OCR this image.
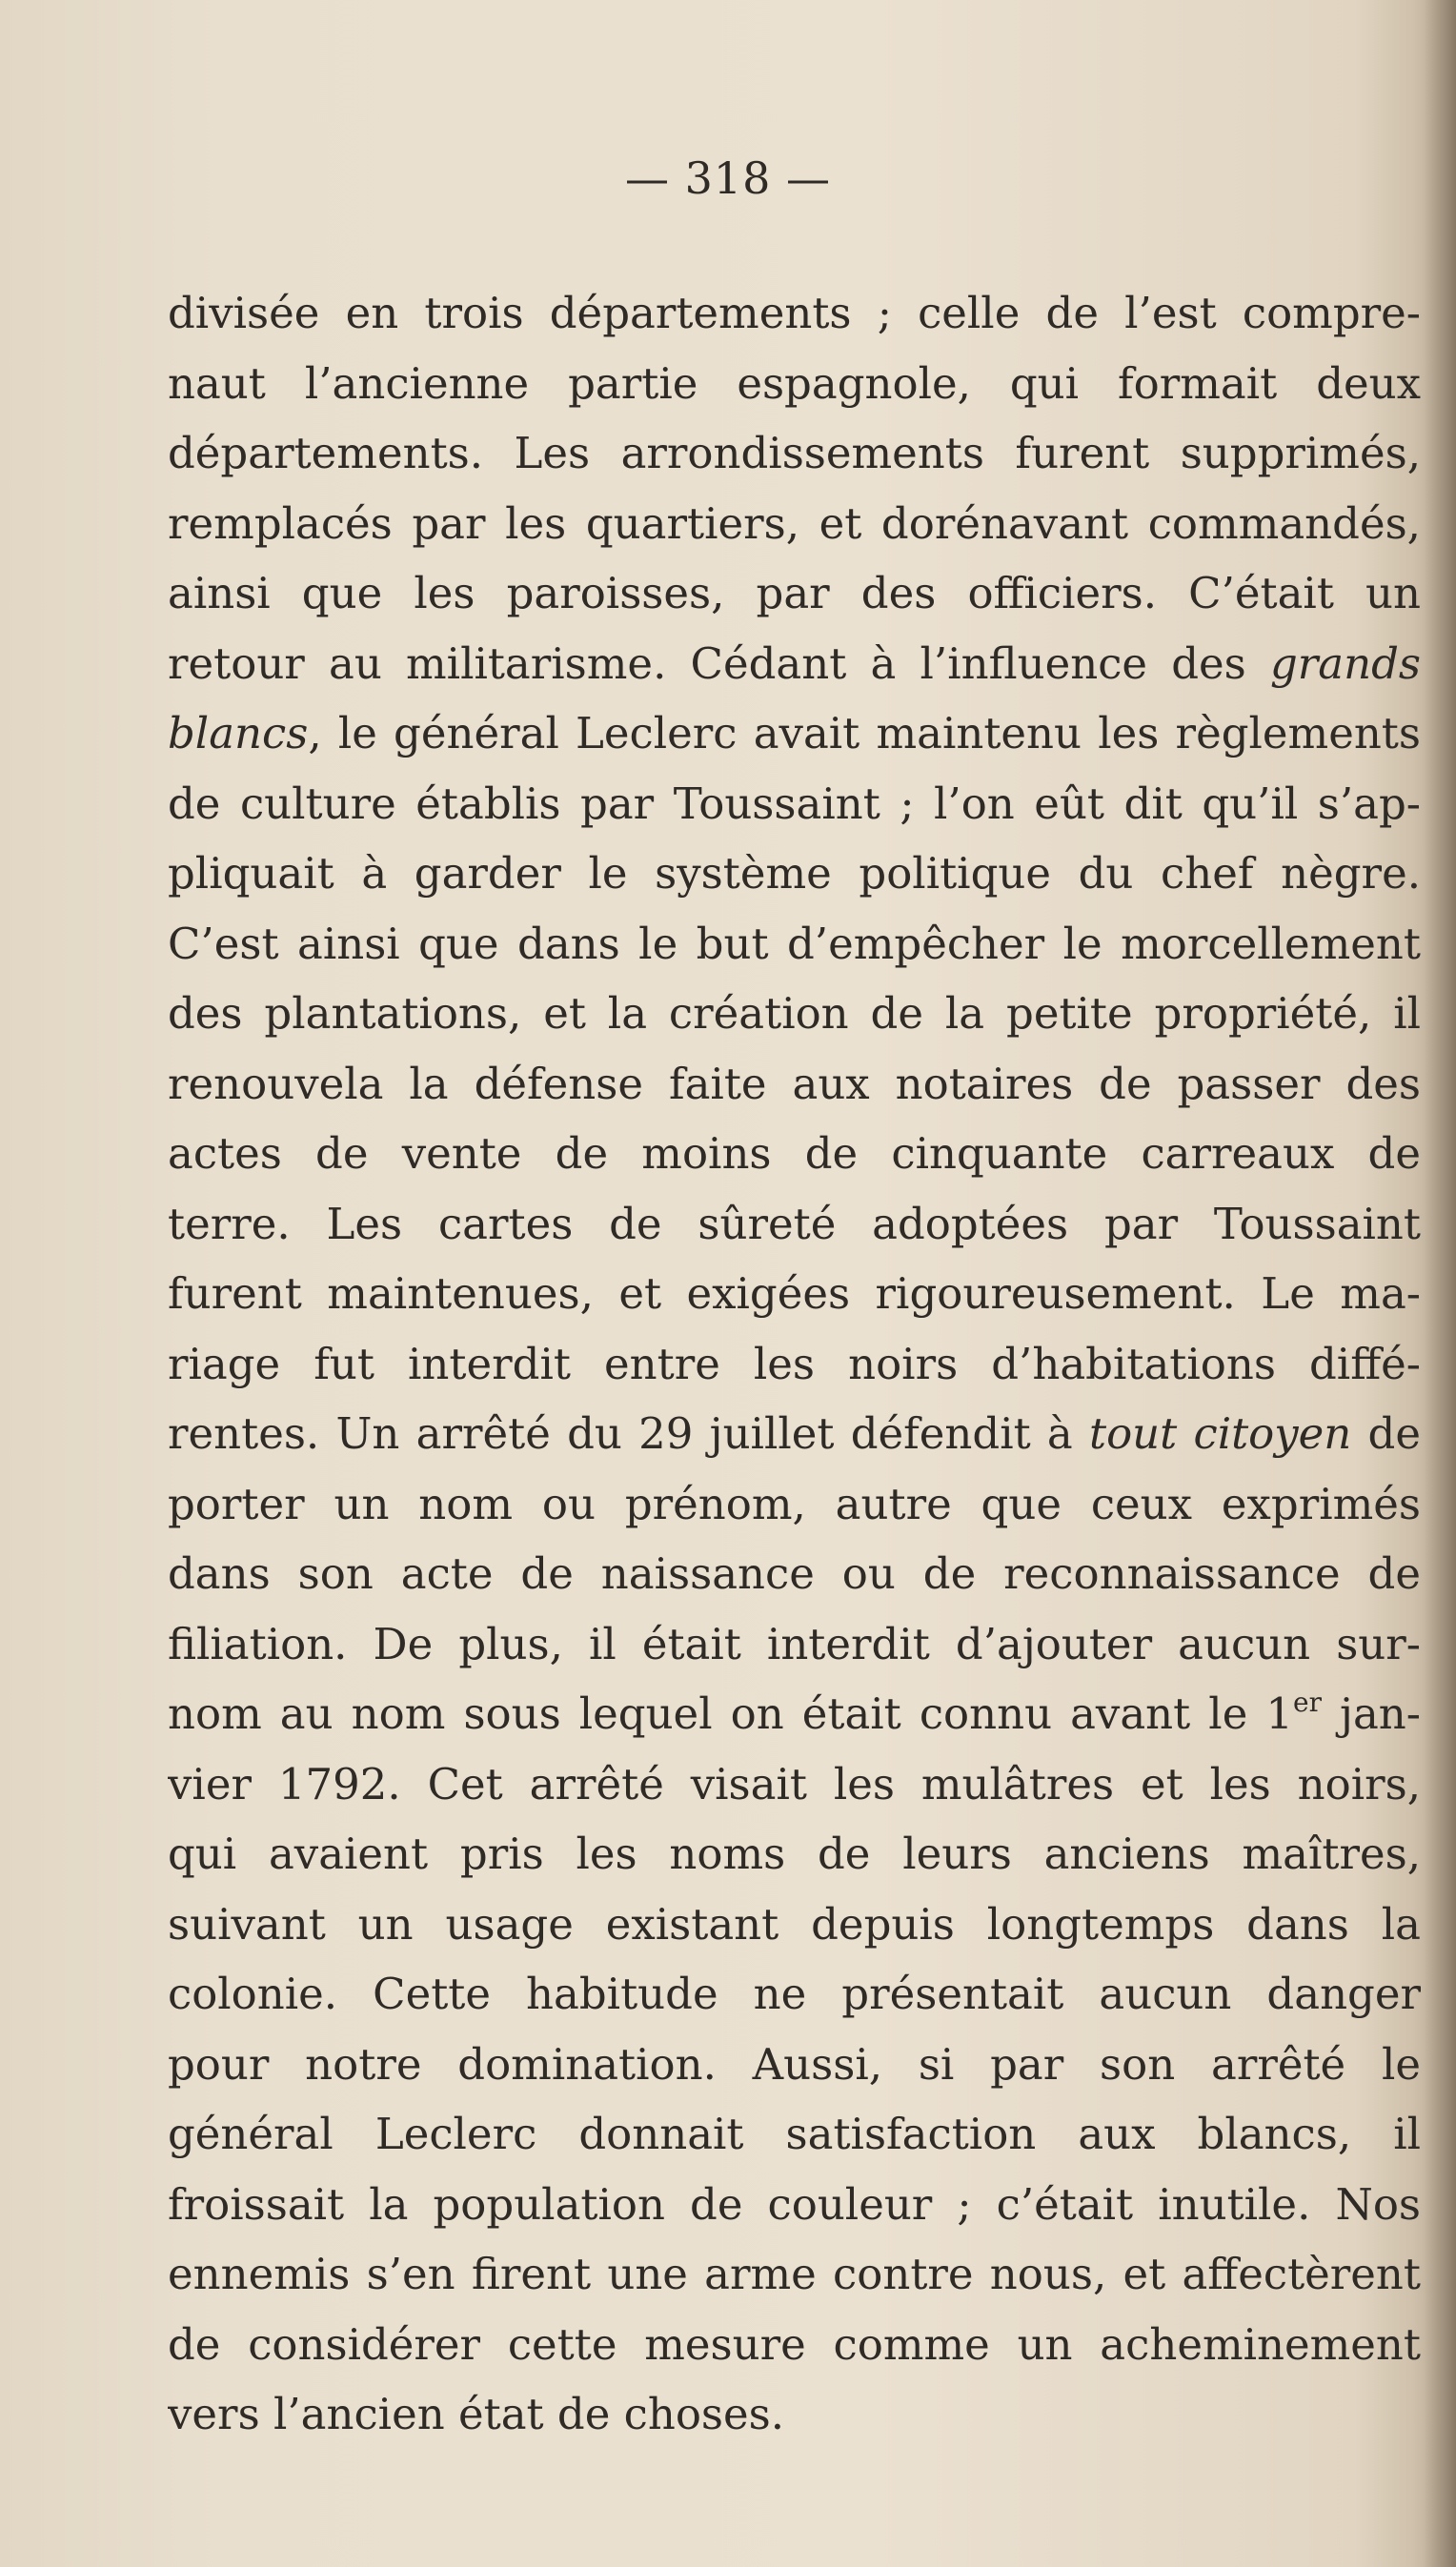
— 318 —
divisée en trois départements ; celle de l’est compre-
naut l’ancienne partie espagnole, qui formait deux
départements. Les arrondissements furent supprimés,
remplacés par les quartiers, et dorénavant commandés,
ainsi que les paroisses, par des officiers. C’était un
retour au militarisme. Cédant à l’influence des grands
blancs, le général Leclerc avait maintenu les règlements
de culture établis par Toussaint ; l’on eût dit qu’il s’ap-
pliquait à garder le système politique du chef nègre.
C’est ainsi que dans le but d’empêcher le morcellement
des plantations, et la création de la petite propriété, il
renouvela la défense faite aux notaires de passer des
actes de vente de moins de cinquante carreaux de
terre. Les cartes de sûreté adoptées par Toussaint
furent maintenues, et exigées rigoureusement. Le ma-
riage fut interdit entre les noirs d’habitations diffé-
rentes. Un arrêté du 29 juillet défendit à tout citoyen de
porter un nom ou prénom, autre que ceux exprimés
dans son acte de naissance ou de reconnaissance de
filiation. De plus, il était interdit d’ajouter aucun sur-
nom au nom sous lequel on était connu avant le 1er jan-
vier 1792. Cet arrêté visait les mulâtres et les noirs,
qui avaient pris les noms de leurs anciens maîtres,
suivant un usage existant depuis longtemps dans la
colonie. Cette habitude ne présentait aucun danger
pour notre domination. Aussi, si par son arrêté le
général Leclerc donnait satisfaction aux blancs, il
froissait la population de couleur ; c’était inutile. Nos
ennemis s’en firent une arme contre nous, et affectèrent
de considérer cette mesure comme un acheminement
vers l’ancien état de choses.
